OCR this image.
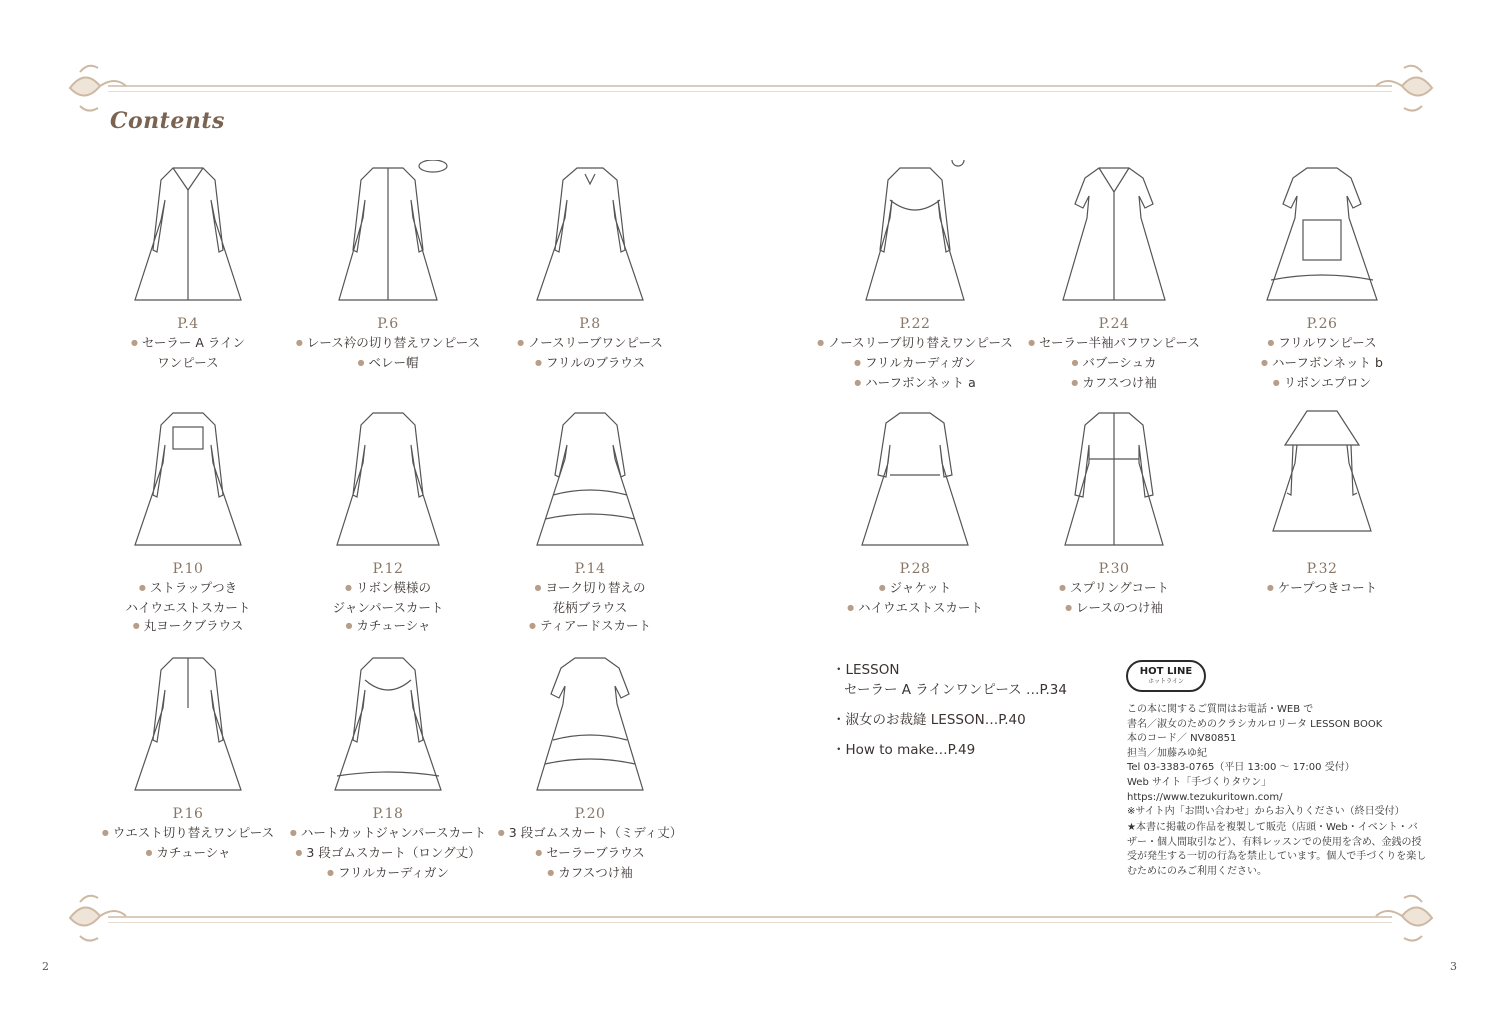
Contents
P.4
● セーラー A ライン
ワンピース
P.6
● レース衿の切り替えワンピース
● ベレー帽
P.8
● ノースリーブワンピース
● フリルのブラウス
P.22
● ノースリーブ切り替えワンピース
● フリルカーディガン
● ハーフボンネット a
P.24
● セーラー半袖パフワンピース
● バブーシュカ
● カフスつけ袖
P.26
● フリルワンピース
● ハーフボンネット b
● リボンエプロン
P.10
● ストラップつき
ハイウエストスカート
● 丸ヨークブラウス
P.12
● リボン模様の
ジャンパースカート
● カチューシャ
P.14
● ヨーク切り替えの
花柄ブラウス
● ティアードスカート
P.28
● ジャケット
● ハイウエストスカート
P.30
● スプリングコート
● レースのつけ袖
P.32
● ケープつきコート
P.16
● ウエスト切り替えワンピース
● カチューシャ
P.18
● ハートカットジャンパースカート
● 3 段ゴムスカート（ロング丈）
● フリルカーディガン
P.20
● 3 段ゴムスカート（ミディ丈）
● セーラーブラウス
● カフスつけ袖
・LESSON
セーラー A ラインワンピース …P.34
・淑女のお裁縫 LESSON…P.40
・How to make…P.49
HOT LINE
ホットライン
この本に関するご質問はお電話・WEB で
書名／淑女のためのクラシカルロリータ LESSON BOOK
本のコード／ NV80851
担当／加藤みゆ紀
Tel 03-3383-0765（平日 13:00 〜 17:00 受付）
Web サイト「手づくりタウン」
https://www.tezukuritown.com/
※サイト内「お問い合わせ」からお入りください（終日受付）
★本書に掲載の作品を複製して販売（店頭・Web・イベント・バ
ザー・個人間取引など）、有料レッスンでの使用を含め、金銭の授
受が発生する一切の行為を禁止しています。個人で手づくりを楽し
むためにのみご利用ください。
2	3
